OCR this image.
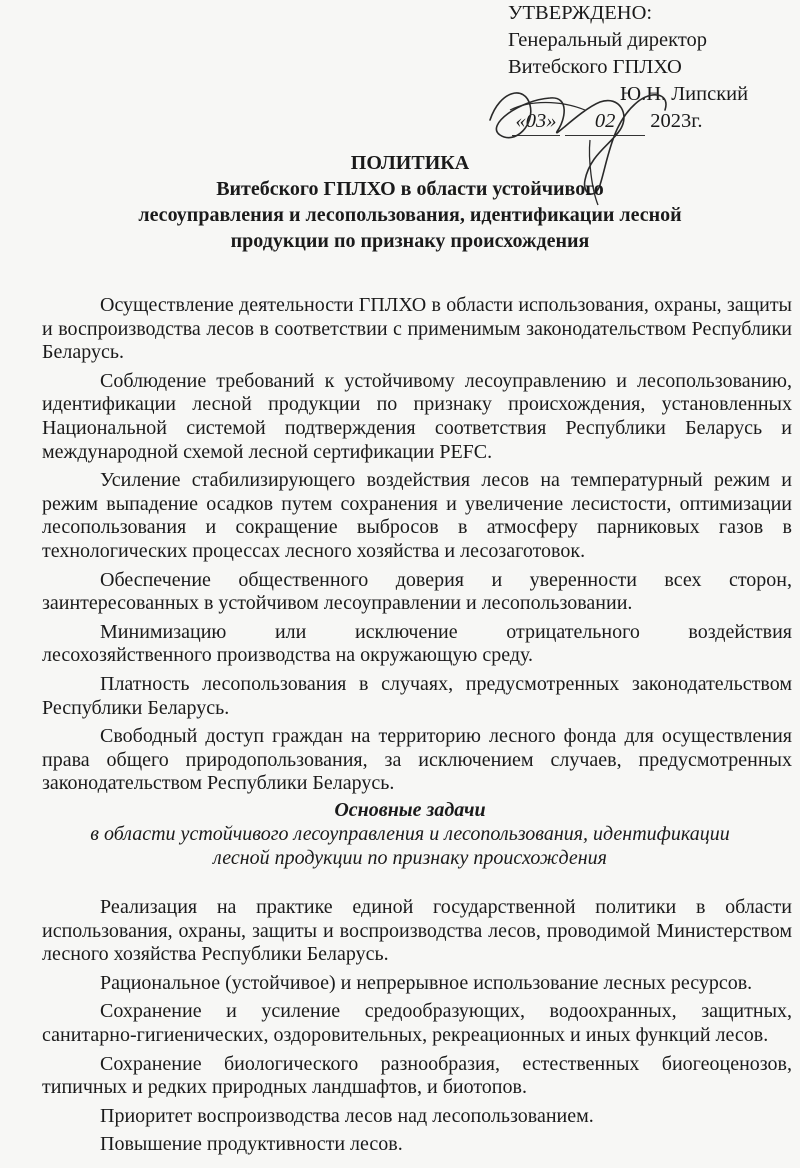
УТВЕРЖДЕНО:
Генеральный директор
Витебского ГПЛХО
Ю.Н. Липский
«03» 02 2023г.
ПОЛИТИКА
Витебского ГПЛХО в области устойчивого
лесоуправления и лесопользования, идентификации лесной
продукции по признаку происхождения

Осуществление деятельности ГПЛХО в области использования, охраны, защиты и воспроизводства лесов в соответствии с применимым законодательством Республики Беларусь.

Соблюдение требований к устойчивому лесоуправлению и лесопользованию, идентификации лесной продукции по признаку происхождения, установленных Национальной системой подтверждения соответствия Республики Беларусь и международной схемой лесной сертификации PEFC.

Усиление стабилизирующего воздействия лесов на температурный режим и режим выпадение осадков путем сохранения и увеличение лесистости, оптимизации лесопользования и сокращение выбросов в атмосферу парниковых газов в технологических процессах лесного хозяйства и лесозаготовок.

Обеспечение общественного доверия и уверенности всех сторон, заинтересованных в устойчивом лесоуправлении и лесопользовании.

Минимизацию или исключение отрицательного воздействия лесохозяйственного производства на окружающую среду.

Платность лесопользования в случаях, предусмотренных законодательством Республики Беларусь.

Свободный доступ граждан на территорию лесного фонда для осуществления права общего природопользования, за исключением случаев, предусмотренных законодательством Республики Беларусь.

Основные задачи
в области устойчивого лесоуправления и лесопользования, идентификации
лесной продукции по признаку происхождения

Реализация на практике единой государственной политики в области использования, охраны, защиты и воспроизводства лесов, проводимой Министерством лесного хозяйства Республики Беларусь.

Рациональное (устойчивое) и непрерывное использование лесных ресурсов.

Сохранение и усиление средообразующих, водоохранных, защитных, санитарно-гигиенических, оздоровительных, рекреационных и иных функций лесов.

Сохранение биологического разнообразия, естественных биогеоценозов, типичных и редких природных ландшафтов, и биотопов.

Приоритет воспроизводства лесов над лесопользованием.

Повышение продуктивности лесов.
